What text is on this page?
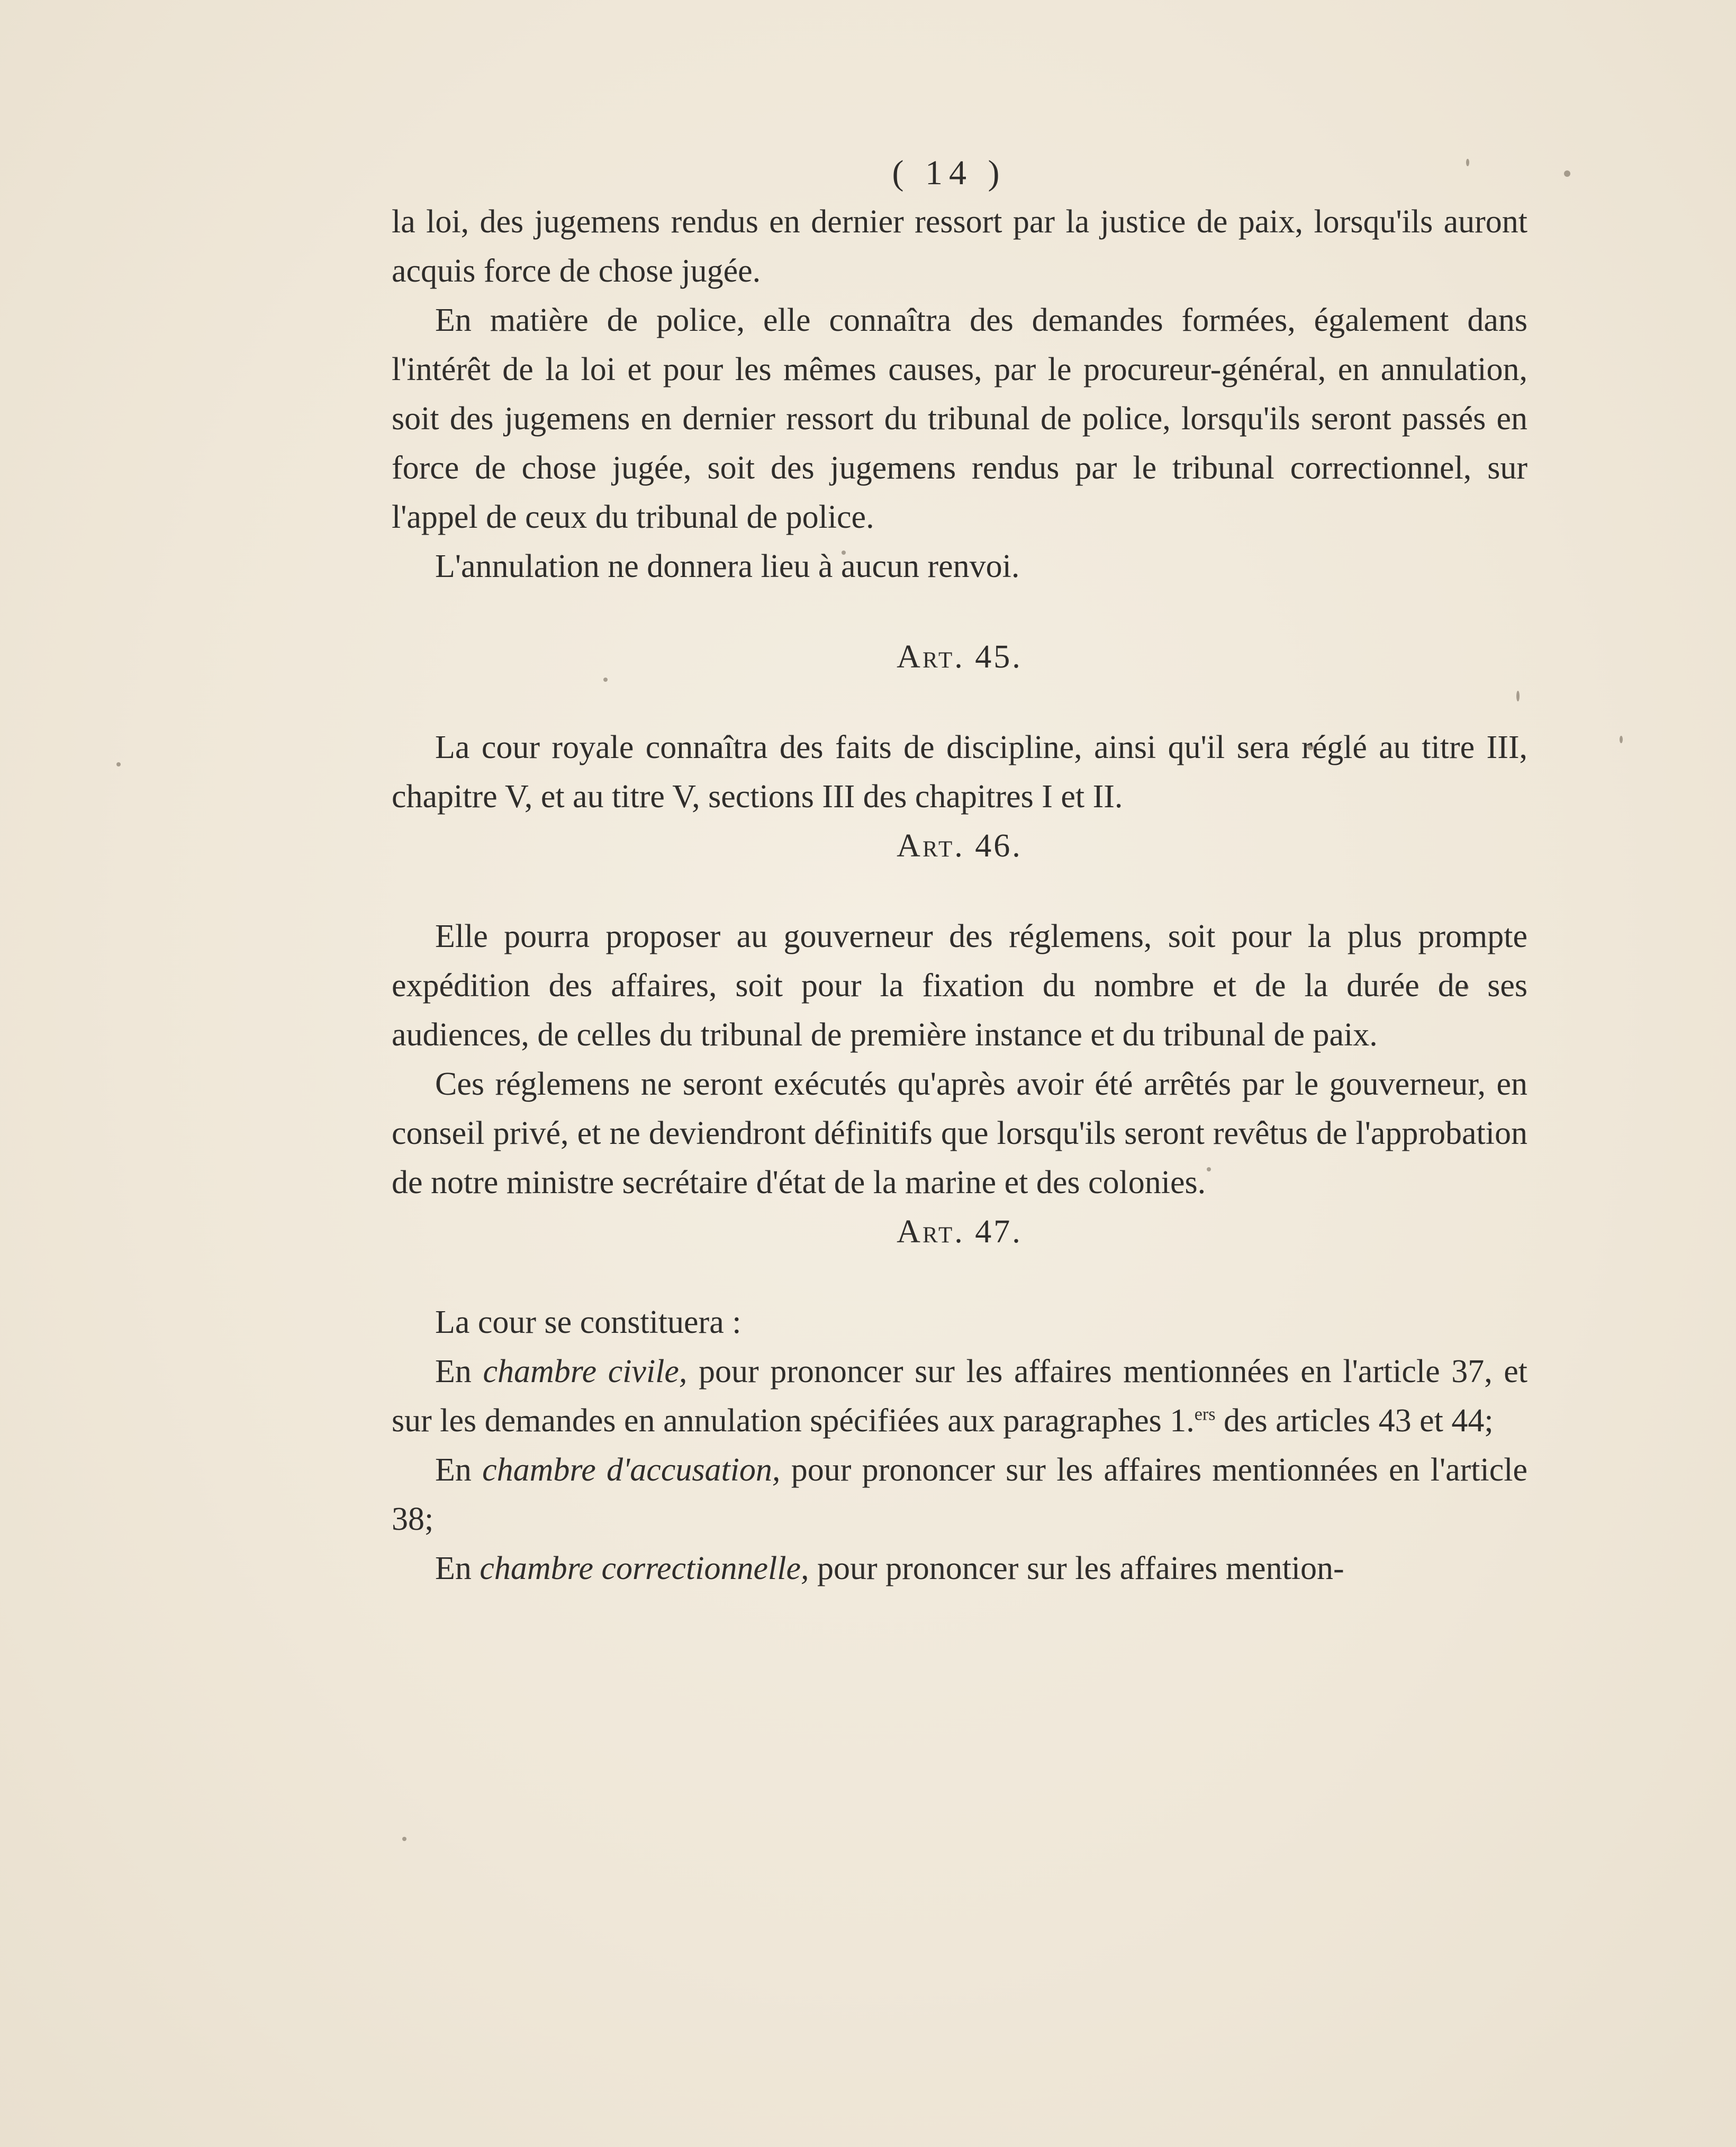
( 14 )

la loi, des jugemens rendus en dernier ressort par la justice de paix, lorsqu'ils auront acquis force de chose jugée.

En matière de police, elle connaîtra des demandes formées, également dans l'intérêt de la loi et pour les mêmes causes, par le procureur-général, en annulation, soit des jugemens en dernier ressort du tribunal de police, lorsqu'ils seront passés en force de chose jugée, soit des jugemens rendus par le tribunal correctionnel, sur l'appel de ceux du tribunal de police.

L'annulation ne donnera lieu à aucun renvoi.

Art. 45.

La cour royale connaîtra des faits de discipline, ainsi qu'il sera réglé au titre III, chapitre V, et au titre V, sections III des chapitres I et II.

Art. 46.

Elle pourra proposer au gouverneur des réglemens, soit pour la plus prompte expédition des affaires, soit pour la fixation du nombre et de la durée de ses audiences, de celles du tribunal de première instance et du tribunal de paix.

Ces réglemens ne seront exécutés qu'après avoir été arrêtés par le gouverneur, en conseil privé, et ne deviendront définitifs que lorsqu'ils seront revêtus de l'approbation de notre ministre secrétaire d'état de la marine et des colonies.

Art. 47.

La cour se constituera :

En chambre civile, pour prononcer sur les affaires mentionnées en l'article 37, et sur les demandes en annulation spécifiées aux paragraphes 1.$^{ers}$ des articles 43 et 44;

En chambre d'accusation, pour prononcer sur les affaires mentionnées en l'article 38;

En chambre correctionnelle, pour prononcer sur les affaires mention-
